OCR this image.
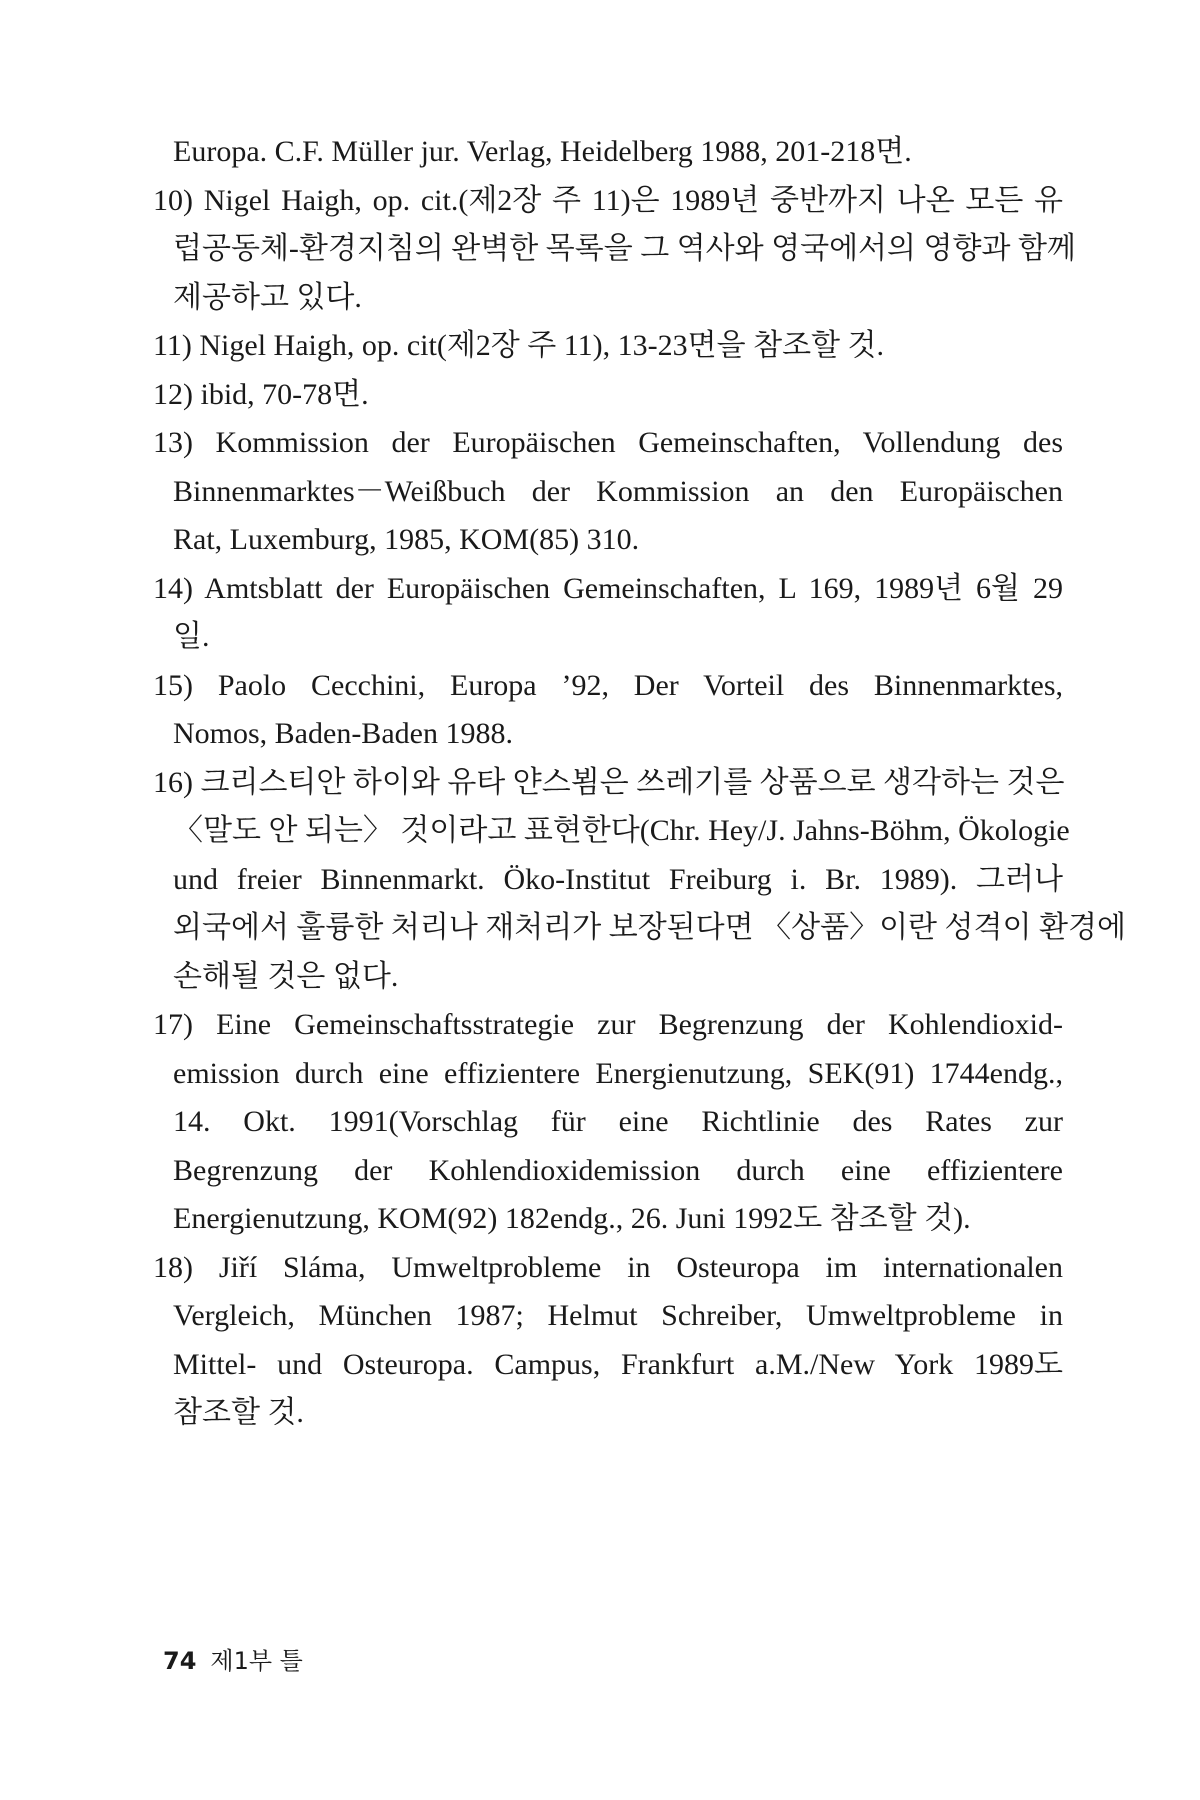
Europa. C.F. Müller jur. Verlag, Heidelberg 1988, 201-218면.
10) Nigel Haigh, op. cit.(제2장 주 11)은 1989년 중반까지 나온 모든 유
럽공동체-환경지침의 완벽한 목록을 그 역사와 영국에서의 영향과 함께
제공하고 있다.
11) Nigel Haigh, op. cit(제2장 주 11), 13-23면을 참조할 것.
12) ibid, 70-78면.
13) Kommission der Europäischen Gemeinschaften, Vollendung des
Binnenmarktes－Weißbuch der Kommission an den Europäischen
Rat, Luxemburg, 1985, KOM(85) 310.
14) Amtsblatt der Europäischen Gemeinschaften, L 169, 1989년 6월 29
일.
15) Paolo Cecchini, Europa ’92, Der Vorteil des Binnenmarktes,
Nomos, Baden-Baden 1988.
16) 크리스티안 하이와 유타 얀스뵘은 쓰레기를 상품으로 생각하는 것은
〈말도 안 되는〉 것이라고 표현한다(Chr. Hey/J. Jahns-Böhm, Ökologie
und freier Binnenmarkt. Öko-Institut Freiburg i. Br. 1989). 그러나
외국에서 훌륭한 처리나 재처리가 보장된다면 〈상품〉이란 성격이 환경에
손해될 것은 없다.
17) Eine Gemeinschaftsstrategie zur Begrenzung der Kohlendioxid-
emission durch eine effizientere Energienutzung, SEK(91) 1744endg.,
14. Okt. 1991(Vorschlag für eine Richtlinie des Rates zur
Begrenzung der Kohlendioxidemission durch eine effizientere
Energienutzung, KOM(92) 182endg., 26. Juni 1992도 참조할 것).
18) Jiří Sláma, Umweltprobleme in Osteuropa im internationalen
Vergleich, München 1987; Helmut Schreiber, Umweltprobleme in
Mittel- und Osteuropa. Campus, Frankfurt a.M./New York 1989도
참조할 것.
74 제1부 틀
